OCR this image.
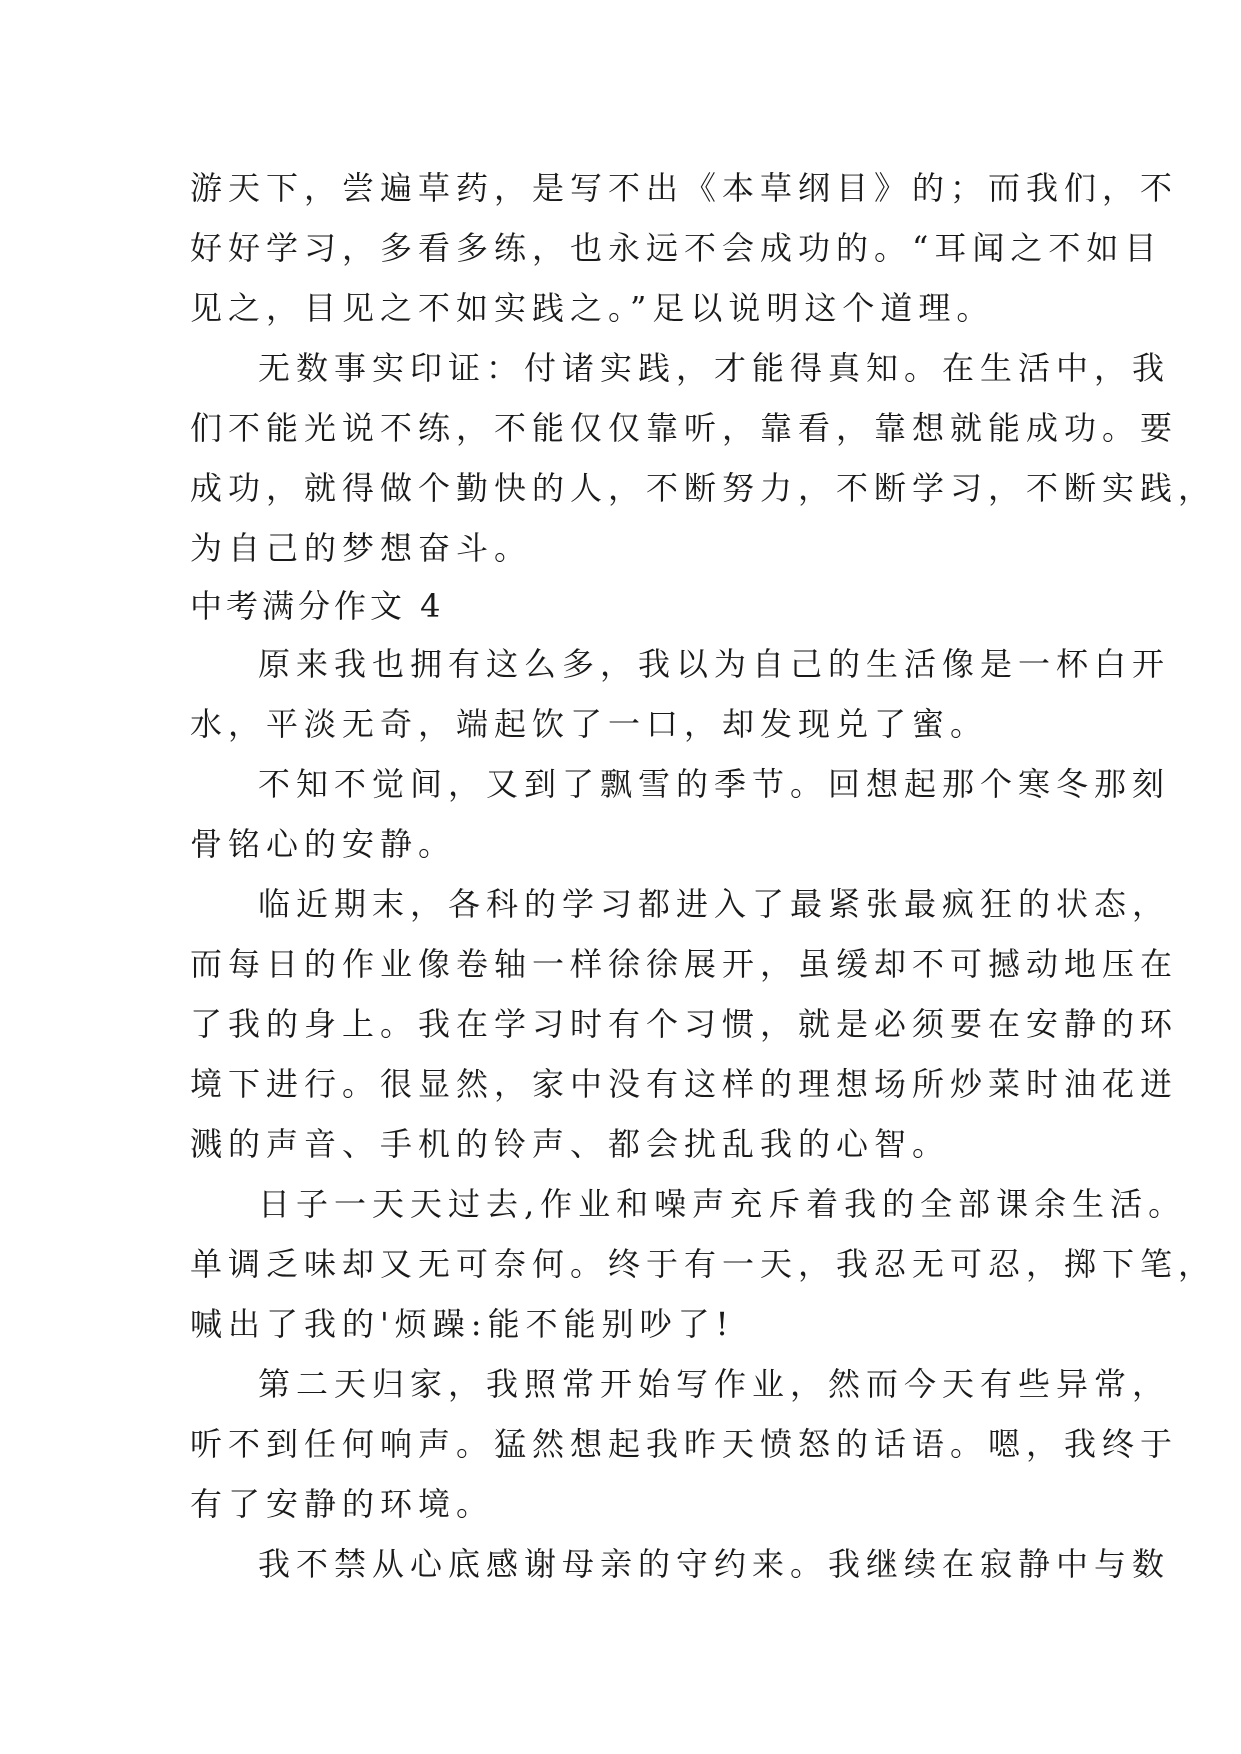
游天下，尝遍草药，是写不出《本草纲目》的；而我们，不
好好学习，多看多练，也永远不会成功的。“耳闻之不如目
见之，目见之不如实践之。”足以说明这个道理。
无数事实印证：付诸实践，才能得真知。在生活中，我
们不能光说不练，不能仅仅靠听，靠看，靠想就能成功。要
成功，就得做个勤快的人，不断努力，不断学习，不断实践，
为自己的梦想奋斗。
中考满分作文 4
原来我也拥有这么多，我以为自己的生活像是一杯白开
水，平淡无奇，端起饮了一口，却发现兑了蜜。
不知不觉间，又到了飘雪的季节。回想起那个寒冬那刻
骨铭心的安静。
临近期末，各科的学习都进入了最紧张最疯狂的状态，
而每日的作业像卷轴一样徐徐展开，虽缓却不可撼动地压在
了我的身上。我在学习时有个习惯，就是必须要在安静的环
境下进行。很显然，家中没有这样的理想场所炒菜时油花迸
溅的声音、手机的铃声、都会扰乱我的心智。
日子一天天过去,作业和噪声充斥着我的全部课余生活。
单调乏味却又无可奈何。终于有一天，我忍无可忍，掷下笔，
喊出了我的'烦躁:能不能别吵了!
第二天归家，我照常开始写作业，然而今天有些异常，
听不到任何响声。猛然想起我昨天愤怒的话语。嗯，我终于
有了安静的环境。
我不禁从心底感谢母亲的守约来。我继续在寂静中与数
